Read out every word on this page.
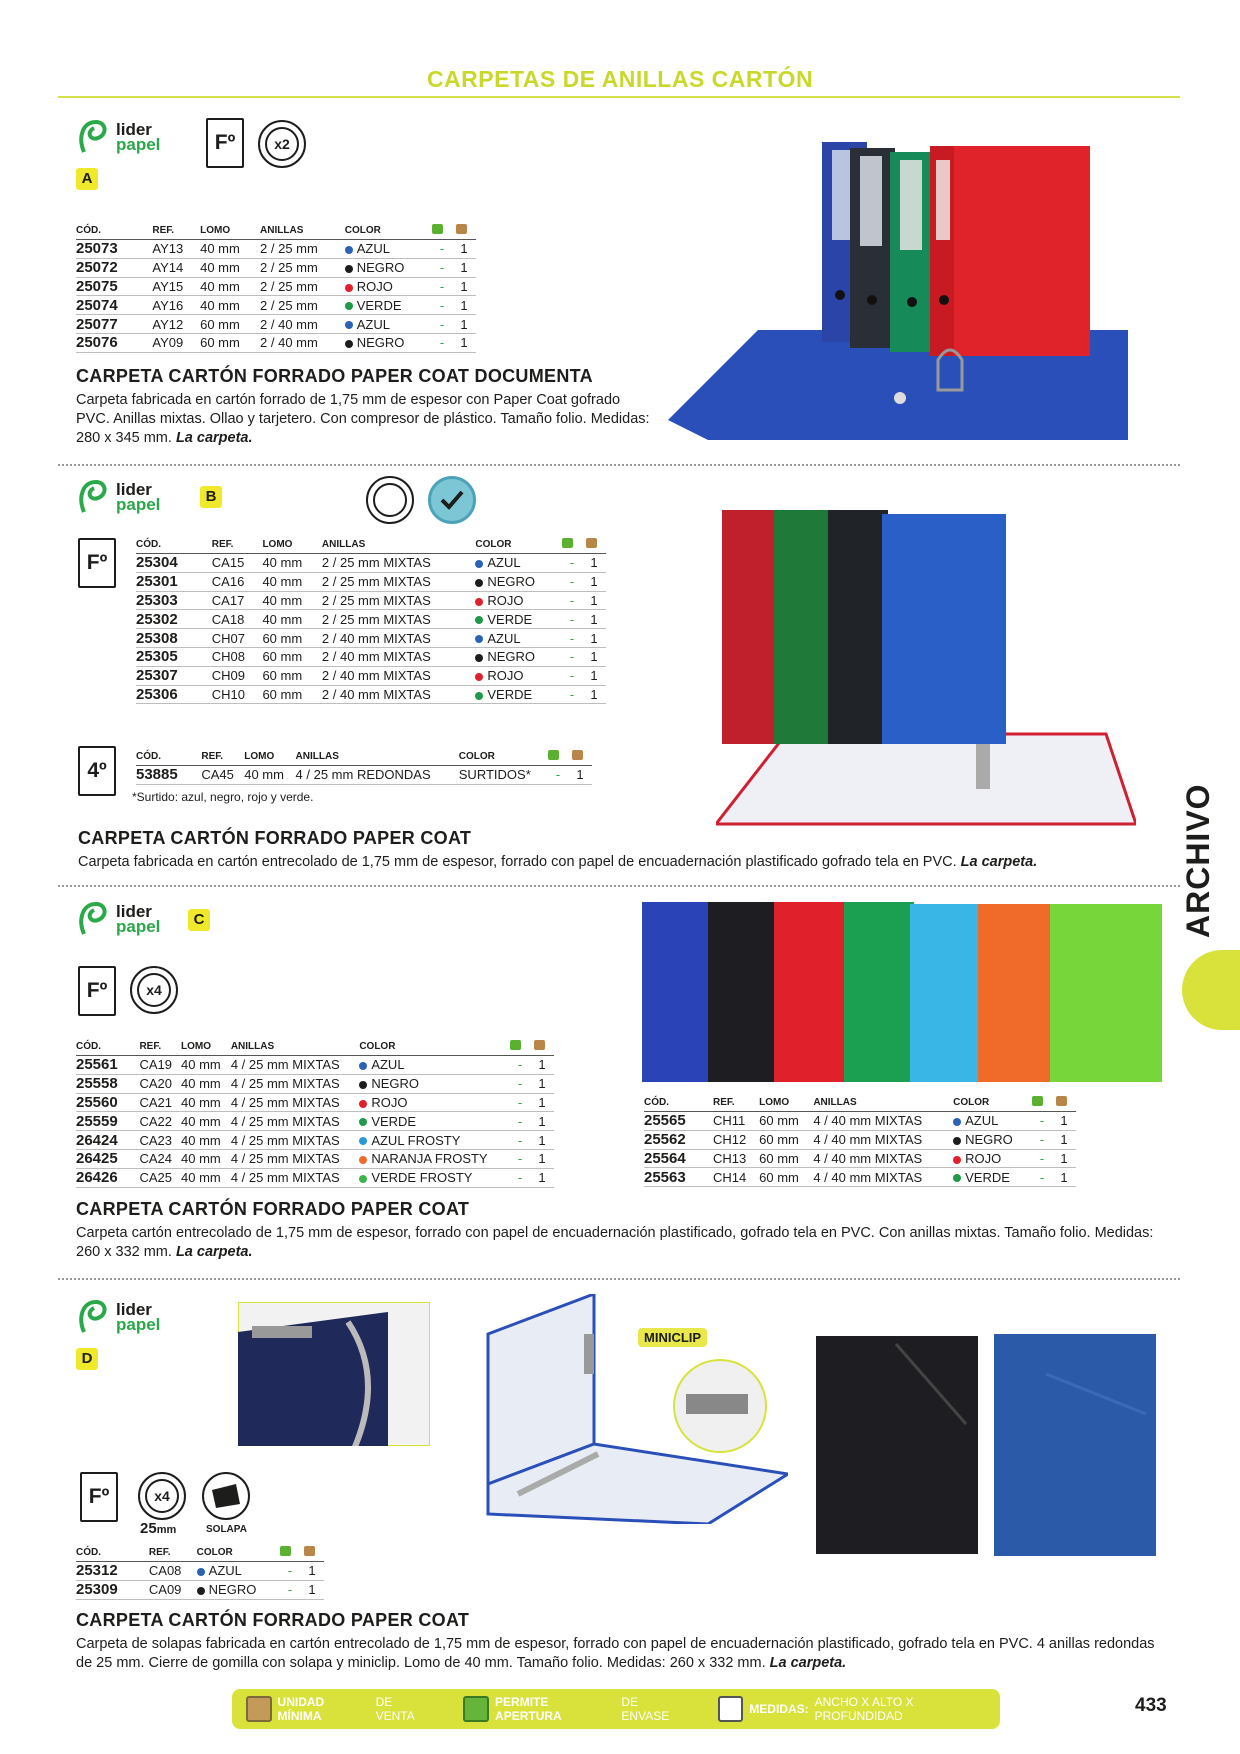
CARPETAS DE ANILLAS CARTÓN
lider
papel
A
Fº	x2
CÓD.	REF.	LOMO	ANILLAS	COLOR		
25073	AY13	40 mm	2 / 25 mm	AZUL	-	1
25072	AY14	40 mm	2 / 25 mm	NEGRO	-	1
25075	AY15	40 mm	2 / 25 mm	ROJO	-	1
25074	AY16	40 mm	2 / 25 mm	VERDE	-	1
25077	AY12	60 mm	2 / 40 mm	AZUL	-	1
25076	AY09	60 mm	2 / 40 mm	NEGRO	-	1
CARPETA CARTÓN FORRADO PAPER COAT DOCUMENTA
Carpeta fabricada en cartón forrado de 1,75 mm de espesor con Paper Coat gofrado PVC. Anillas mixtas. Ollao y tarjetero. Con compresor de plástico. Tamaño folio. Medidas: 280 x 345 mm. La carpeta.
lider
papel	B
Fº
CÓD.	REF.	LOMO	ANILLAS	COLOR		
25304	CA15	40 mm	2 / 25 mm MIXTAS	AZUL	-	1
25301	CA16	40 mm	2 / 25 mm MIXTAS	NEGRO	-	1
25303	CA17	40 mm	2 / 25 mm MIXTAS	ROJO	-	1
25302	CA18	40 mm	2 / 25 mm MIXTAS	VERDE	-	1
25308	CH07	60 mm	2 / 40 mm MIXTAS	AZUL	-	1
25305	CH08	60 mm	2 / 40 mm MIXTAS	NEGRO	-	1
25307	CH09	60 mm	2 / 40 mm MIXTAS	ROJO	-	1
25306	CH10	60 mm	2 / 40 mm MIXTAS	VERDE	-	1
4º
CÓD.	REF.	LOMO	ANILLAS	COLOR		
53885	CA45	40 mm	4 / 25 mm REDONDAS	SURTIDOS*	-	1
*Surtido: azul, negro, rojo y verde.
CARPETA CARTÓN FORRADO PAPER COAT
Carpeta fabricada en cartón entrecolado de 1,75 mm de espesor, forrado con papel de encuadernación plastificado gofrado tela en PVC. La carpeta.
lider
papel	C
Fº	x4
CÓD.	REF.	LOMO	ANILLAS	COLOR		
25561	CA19	40 mm	4 / 25 mm MIXTAS	AZUL	-	1
25558	CA20	40 mm	4 / 25 mm MIXTAS	NEGRO	-	1
25560	CA21	40 mm	4 / 25 mm MIXTAS	ROJO	-	1
25559	CA22	40 mm	4 / 25 mm MIXTAS	VERDE	-	1
26424	CA23	40 mm	4 / 25 mm MIXTAS	AZUL FROSTY	-	1
26425	CA24	40 mm	4 / 25 mm MIXTAS	NARANJA FROSTY	-	1
26426	CA25	40 mm	4 / 25 mm MIXTAS	VERDE FROSTY	-	1
CÓD.	REF.	LOMO	ANILLAS	COLOR		
25565	CH11	60 mm	4 / 40 mm MIXTAS	AZUL	-	1
25562	CH12	60 mm	4 / 40 mm MIXTAS	NEGRO	-	1
25564	CH13	60 mm	4 / 40 mm MIXTAS	ROJO	-	1
25563	CH14	60 mm	4 / 40 mm MIXTAS	VERDE	-	1
CARPETA CARTÓN FORRADO PAPER COAT
Carpeta cartón entrecolado de 1,75 mm de espesor, forrado con papel de encuadernación plastificado, gofrado tela en PVC. Con anillas mixtas. Tamaño folio. Medidas: 260 x 332 mm. La carpeta.
lider
papel
D
MINICLIP
Fº	x4
25mm	SOLAPA
CÓD.	REF.	COLOR		
25312	CA08	AZUL	-	1
25309	CA09	NEGRO	-	1
CARPETA CARTÓN FORRADO PAPER COAT
Carpeta de solapas fabricada en cartón entrecolado de 1,75 mm de espesor, forrado con papel de encuadernación plastificado, gofrado tela en PVC. 4 anillas redondas de 25 mm. Cierre de gomilla con solapa y miniclip. Lomo de 40 mm. Tamaño folio. Medidas: 260 x 332 mm. La carpeta.
ARCHIVO
UNIDAD MÍNIMA
DE VENTA
PERMITE APERTURA
DE ENVASE	MEDIDAS: ANCHO X ALTO X PROFUNDIDAD	433
